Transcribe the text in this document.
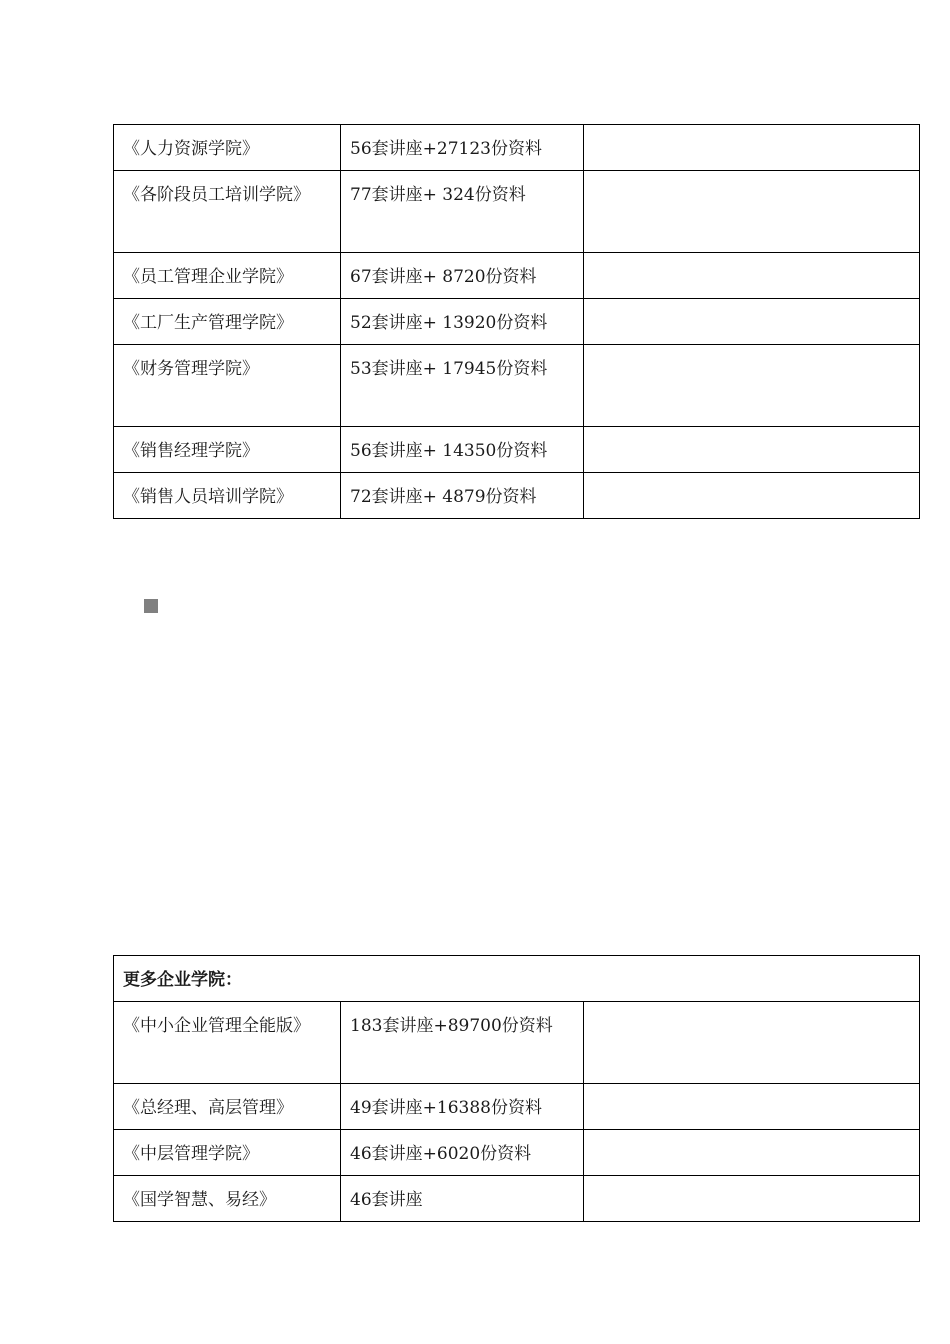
《人力资源学院》	56套讲座+27123份资料	
《各阶段员工培训学院》	77套讲座+ 324份资料	
《员工管理企业学院》	67套讲座+ 8720份资料	
《工厂生产管理学院》	52套讲座+ 13920份资料	
《财务管理学院》	53套讲座+ 17945份资料	
《销售经理学院》	56套讲座+ 14350份资料	
《销售人员培训学院》	72套讲座+ 4879份资料	
更多企业学院：		
《中小企业管理全能版》	183套讲座+89700份资料	
《总经理、高层管理》	49套讲座+16388份资料	
《中层管理学院》	46套讲座+6020份资料	
《国学智慧、易经》	46套讲座	
